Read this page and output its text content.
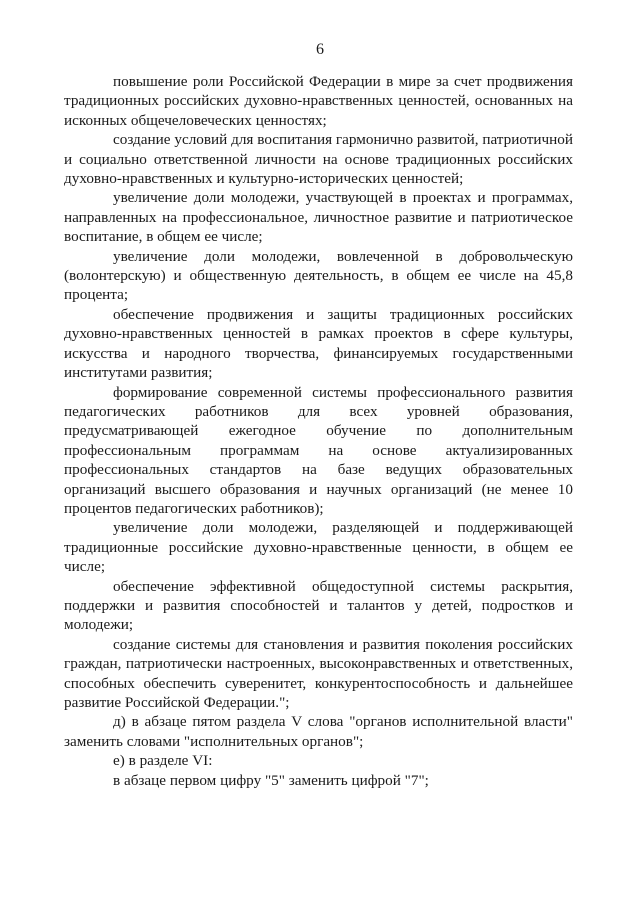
6

повышение роли Российской Федерации в мире за счет продвижения традиционных российских духовно-нравственных ценностей, основанных на исконных общечеловеческих ценностях;

создание условий для воспитания гармонично развитой, патриотичной и социально ответственной личности на основе традиционных российских духовно-нравственных и культурно-исторических ценностей;

увеличение доли молодежи, участвующей в проектах и программах, направленных на профессиональное, личностное развитие и патриотическое воспитание, в общем ее числе;

увеличение доли молодежи, вовлеченной в добровольческую (волонтерскую) и общественную деятельность, в общем ее числе на 45,8 процента;

обеспечение продвижения и защиты традиционных российских духовно-нравственных ценностей в рамках проектов в сфере культуры, искусства и народного творчества, финансируемых государственными институтами развития;

формирование современной системы профессионального развития педагогических работников для всех уровней образования, предусматривающей ежегодное обучение по дополнительным профессиональным программам на основе актуализированных профессиональных стандартов на базе ведущих образовательных организаций высшего образования и научных организаций (не менее 10 процентов педагогических работников);

увеличение доли молодежи, разделяющей и поддерживающей традиционные российские духовно-нравственные ценности, в общем ее числе;

обеспечение эффективной общедоступной системы раскрытия, поддержки и развития способностей и талантов у детей, подростков и молодежи;

создание системы для становления и развития поколения российских граждан, патриотически настроенных, высоконравственных и ответственных, способных обеспечить суверенитет, конкурентоспособность и дальнейшее развитие Российской Федерации.";

д) в абзаце пятом раздела V слова "органов исполнительной власти" заменить словами "исполнительных органов";

е) в разделе VI:

в абзаце первом цифру "5" заменить цифрой "7";
